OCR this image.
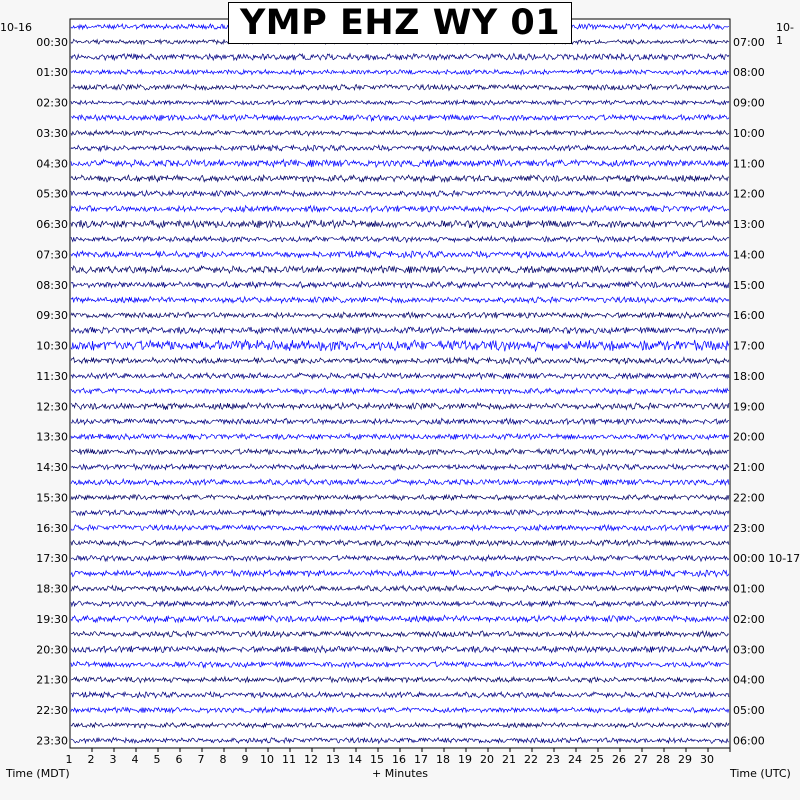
1 2 3 4 5 6 7 8 9 10 11 12 13 14 15 16 17 18 19 20 21 22 23 24 25 26 27 28 29 30
00:30
01:30
02:30
03:30
04:30
05:30
06:30
07:30
08:30
09:30
10:30
11:30
12:30
13:30
14:30
15:30
16:30
17:30
18:30
19:30
20:30
21:30
22:30
23:30
07:00
08:00
09:00
10:00
11:00
12:00
13:00
14:00
15:00
16:00
17:00
18:00
19:00
20:00
21:00
22:00
23:00
00:00 10-17
01:00
02:00
03:00
04:00
05:00
06:00
Time (MDT)	Time (UTC)
+ Minutes
10-16	10-1
YMP EHZ WY 01
